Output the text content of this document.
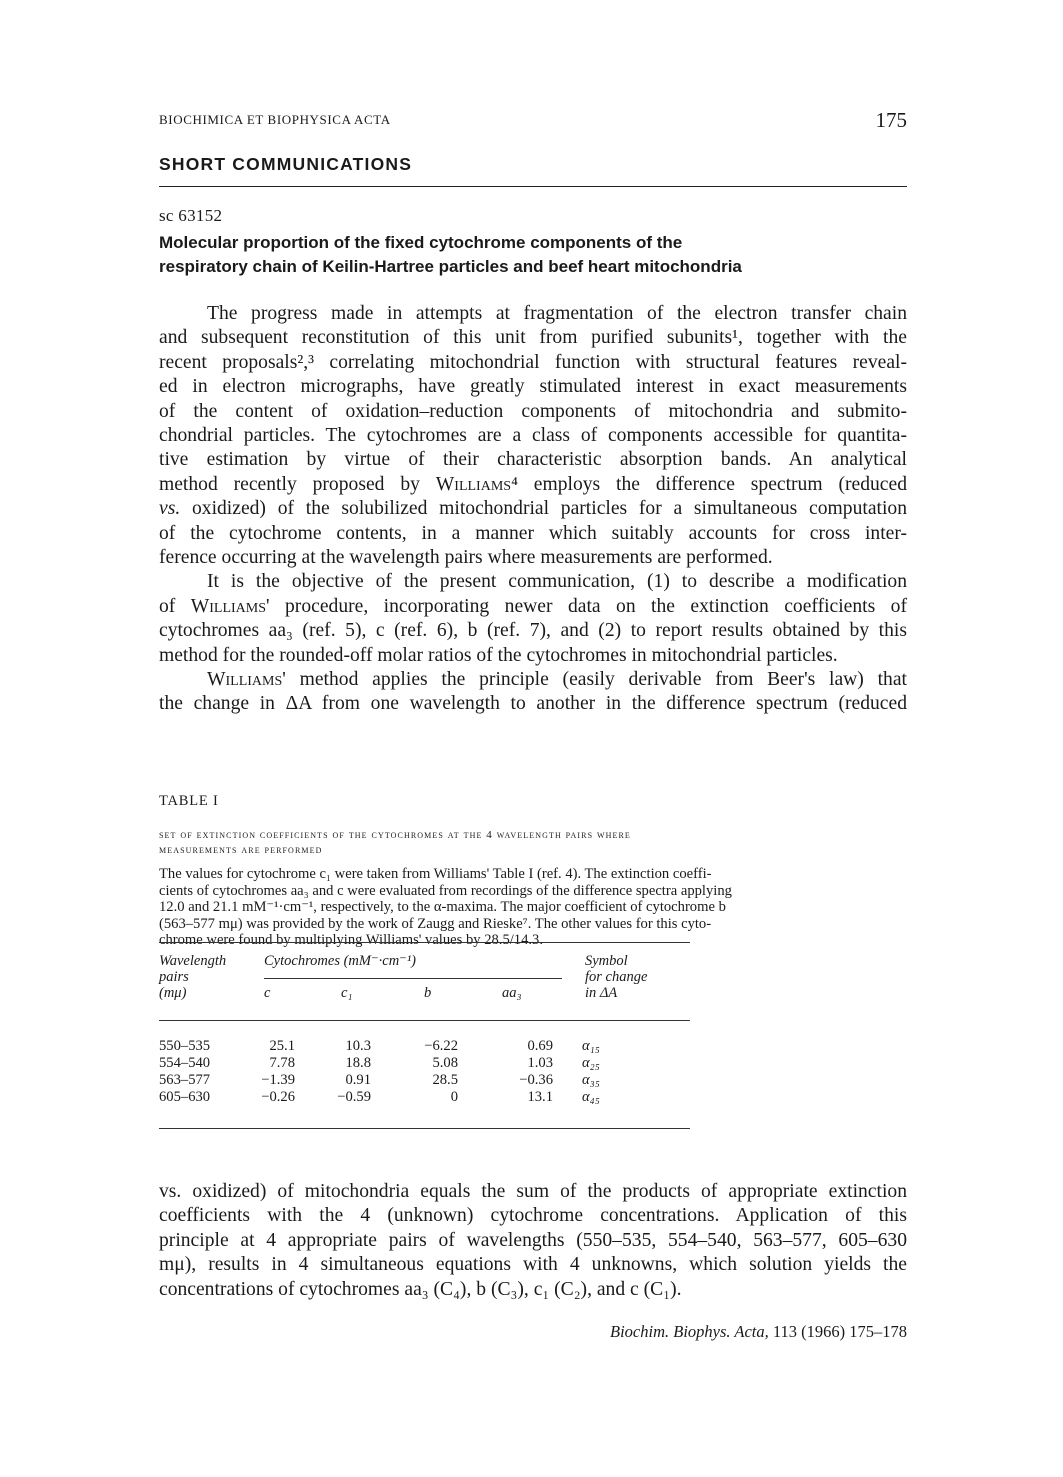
BIOCHIMICA ET BIOPHYSICA ACTA	175
SHORT COMMUNICATIONS
sc 63152
Molecular proportion of the fixed cytochrome components of the
respiratory chain of Keilin-Hartree particles and beef heart mitochondria
The progress made in attempts at fragmentation of the electron transfer chain
and subsequent reconstitution of this unit from purified subunits¹, together with the
recent proposals²,³ correlating mitochondrial function with structural features reveal-
ed in electron micrographs, have greatly stimulated interest in exact measurements
of the content of oxidation–reduction components of mitochondria and submito-
chondrial particles. The cytochromes are a class of components accessible for quantita-
tive estimation by virtue of their characteristic absorption bands. An analytical
method recently proposed by Williams⁴ employs the difference spectrum (reduced
vs. oxidized) of the solubilized mitochondrial particles for a simultaneous computation
of the cytochrome contents, in a manner which suitably accounts for cross inter-
ference occurring at the wavelength pairs where measurements are performed.
It is the objective of the present communication, (1) to describe a modification
of Williams' procedure, incorporating newer data on the extinction coefficients of
cytochromes aa₃ (ref. 5), c (ref. 6), b (ref. 7), and (2) to report results obtained by this
method for the rounded-off molar ratios of the cytochromes in mitochondrial particles.
Williams' method applies the principle (easily derivable from Beer's law) that
the change in ΔA from one wavelength to another in the difference spectrum (reduced
TABLE I
set of extinction coefficients of the cytochromes at the 4 wavelength pairs where
measurements are performed
The values for cytochrome c₁ were taken from Williams' Table I (ref. 4). The extinction coeffi-
cients of cytochromes aa₃ and c were evaluated from recordings of the difference spectra applying
12.0 and 21.1 mM⁻¹·cm⁻¹, respectively, to the α-maxima. The major coefficient of cytochrome b
(563–577 mμ) was provided by the work of Zaugg and Rieske⁷. The other values for this cyto-
chrome were found by multiplying Williams' values by 28.5/14.3.
Wavelength
pairs
(mμ)
Cytochromes (mM⁻·cm⁻¹)
c	c₁	b	aa₃
Symbol
for change
in ΔA
550–535	25.1	10.3	−6.22	0.69 α₁₅
554–540	7.78	18.8	5.08	1.03 α₂₅
563–577	−1.39	0.91	28.5	−0.36 α₃₅
605–630	−0.26	−0.59	0	13.1 α₄₅
vs. oxidized) of mitochondria equals the sum of the products of appropriate extinction
coefficients with the 4 (unknown) cytochrome concentrations. Application of this
principle at 4 appropriate pairs of wavelengths (550–535, 554–540, 563–577, 605–630
mμ), results in 4 simultaneous equations with 4 unknowns, which solution yields the
concentrations of cytochromes aa₃ (C₄), b (C₃), c₁ (C₂), and c (C₁).
Biochim. Biophys. Acta, 113 (1966) 175–178
